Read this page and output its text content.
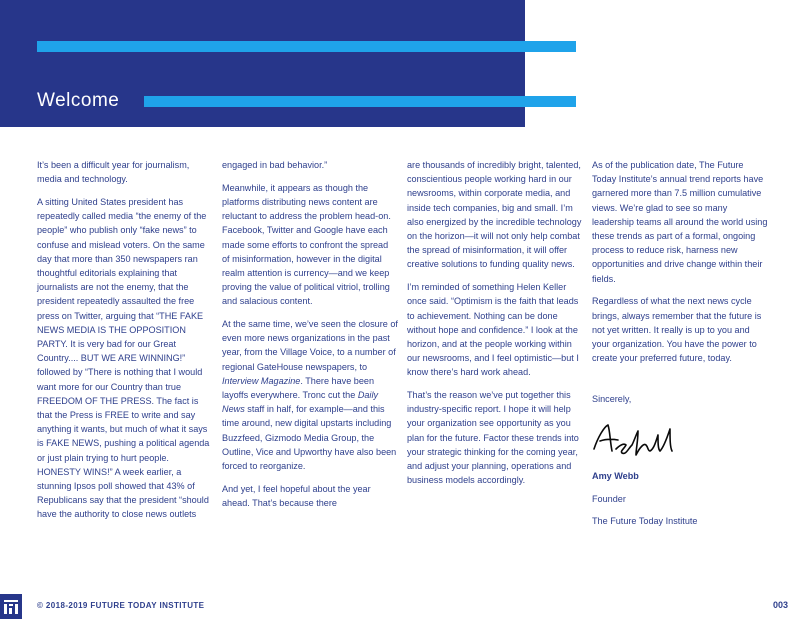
Welcome

It’s been a difficult year for journalism, media and technology.

A sitting United States president has repeatedly called media “the enemy of the people” who publish only “fake news” to confuse and mislead voters. On the same day that more than 350 newspapers ran thoughtful editorials explaining that journalists are not the enemy, that the president repeatedly assaulted the free press on Twitter, arguing that “THE FAKE NEWS MEDIA IS THE OPPOSITION PARTY. It is very bad for our Great Country.... BUT WE ARE WINNING!” followed by “There is nothing that I would want more for our Country than true FREEDOM OF THE PRESS. The fact is that the Press is FREE to write and say anything it wants, but much of what it says is FAKE NEWS, pushing a political agenda or just plain trying to hurt people. HONESTY WINS!” A week earlier, a stunning Ipsos poll showed that 43% of Republicans say that the president “should have the authority to close news outlets

engaged in bad behavior.”

Meanwhile, it appears as though the platforms distributing news content are reluctant to address the problem head-on. Facebook, Twitter and Google have each made some efforts to confront the spread of misinformation, however in the digital realm attention is currency—and we keep proving the value of political vitriol, trolling and salacious content.

At the same time, we’ve seen the closure of even more news organizations in the past year, from the Village Voice, to a number of regional GateHouse newspapers, to Interview Magazine. There have been layoffs everywhere. Tronc cut the Daily News staff in half, for example—and this time around, new digital upstarts including Buzzfeed, Gizmodo Media Group, the Outline, Vice and Upworthy have also been forced to reorganize.

And yet, I feel hopeful about the year ahead. That’s because there

are thousands of incredibly bright, talented, conscientious people working hard in our newsrooms, within corporate media, and inside tech companies, big and small. I’m also energized by the incredible technology on the horizon—it will not only help combat the spread of misinformation, it will offer creative solutions to funding quality news.

I’m reminded of something Helen Keller once said. “Optimism is the faith that leads to achievement. Nothing can be done without hope and confidence.” I look at the horizon, and at the people working within our newsrooms, and I feel optimistic—but I know there’s hard work ahead.

That’s the reason we’ve put together this industry-specific report. I hope it will help your organization see opportunity as you plan for the future. Factor these trends into your strategic thinking for the coming year, and adjust your planning, operations and business models accordingly.

As of the publication date, The Future Today Institute’s annual trend reports have garnered more than 7.5 million cumulative views. We’re glad to see so many leadership teams all around the world using these trends as part of a formal, ongoing process to reduce risk, harness new opportunities and drive change within their fields.

Regardless of what the next news cycle brings, always remember that the future is not yet written. It really is up to you and your organization. You have the power to create your preferred future, today.

Sincerely,

Amy Webb

Founder

The Future Today Institute

© 2018-2019 FUTURE TODAY INSTITUTE	003
